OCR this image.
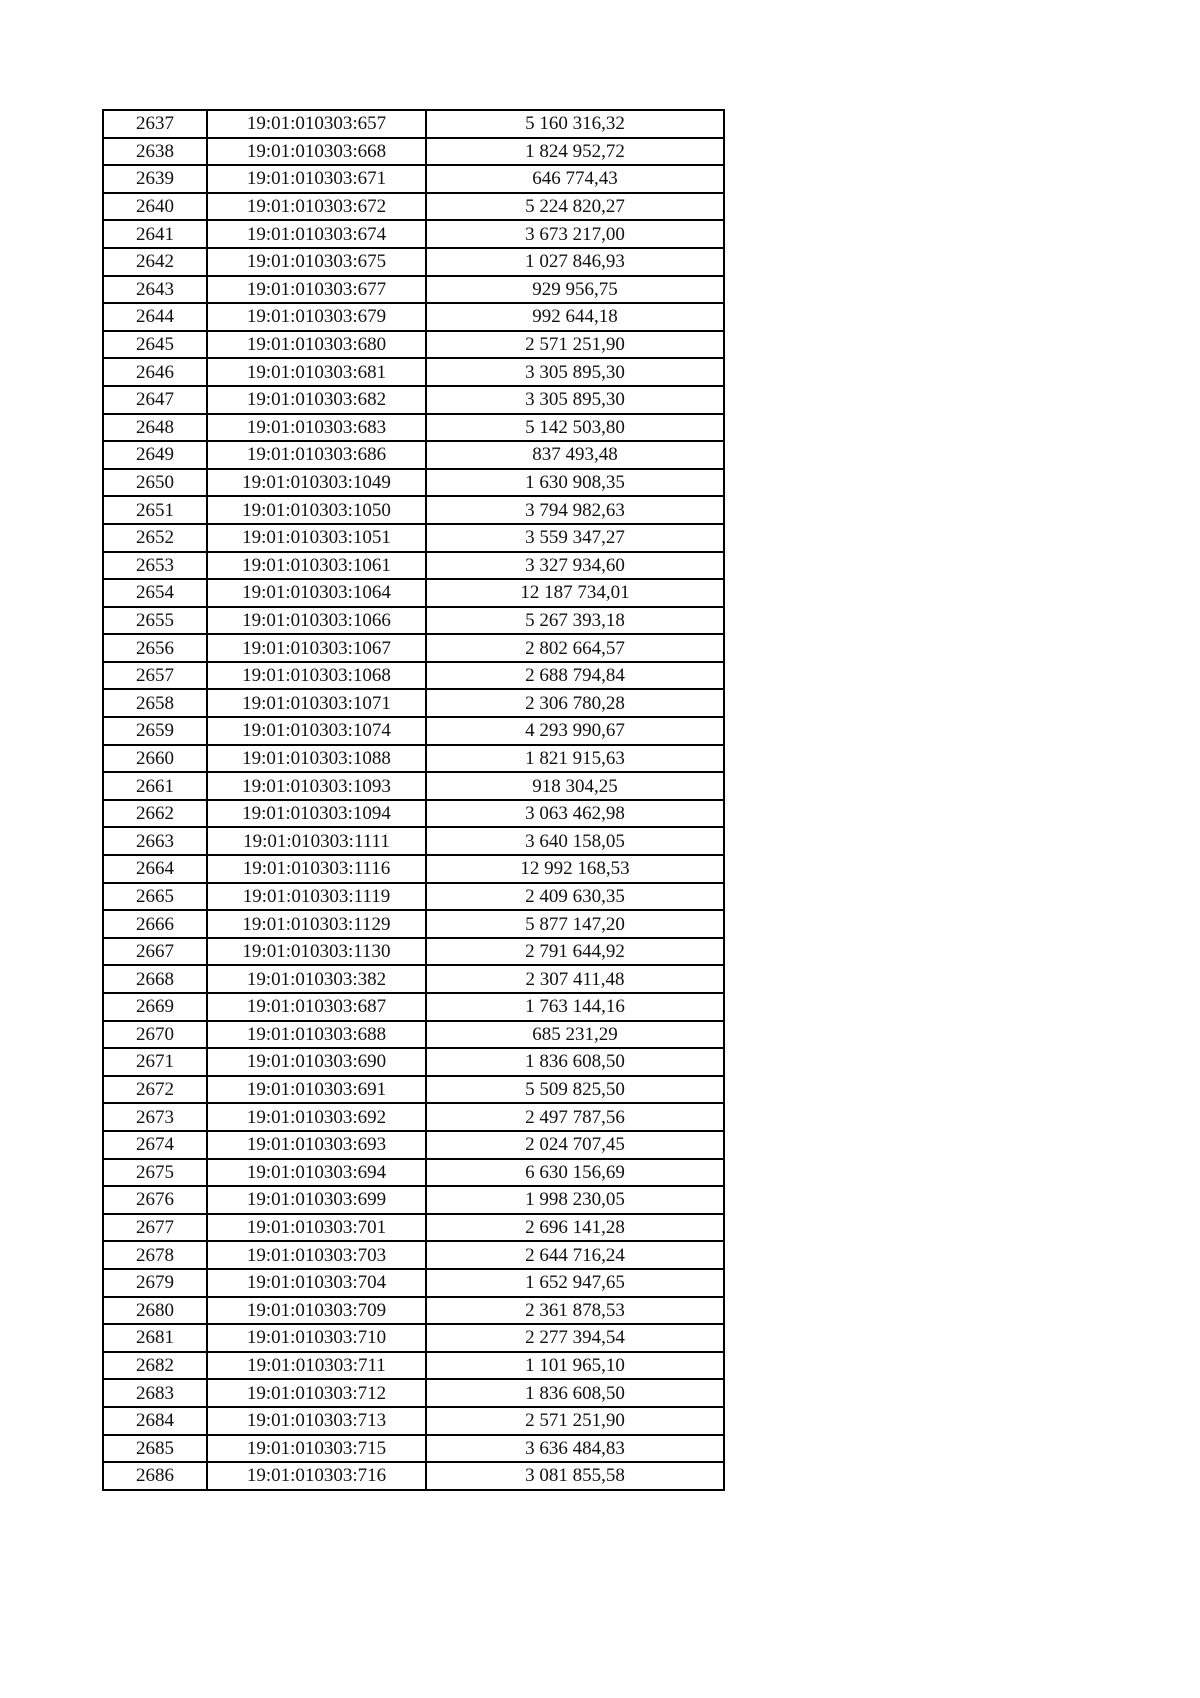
2637	19:01:010303:657	5 160 316,32
2638	19:01:010303:668	1 824 952,72
2639	19:01:010303:671	646 774,43
2640	19:01:010303:672	5 224 820,27
2641	19:01:010303:674	3 673 217,00
2642	19:01:010303:675	1 027 846,93
2643	19:01:010303:677	929 956,75
2644	19:01:010303:679	992 644,18
2645	19:01:010303:680	2 571 251,90
2646	19:01:010303:681	3 305 895,30
2647	19:01:010303:682	3 305 895,30
2648	19:01:010303:683	5 142 503,80
2649	19:01:010303:686	837 493,48
2650	19:01:010303:1049	1 630 908,35
2651	19:01:010303:1050	3 794 982,63
2652	19:01:010303:1051	3 559 347,27
2653	19:01:010303:1061	3 327 934,60
2654	19:01:010303:1064	12 187 734,01
2655	19:01:010303:1066	5 267 393,18
2656	19:01:010303:1067	2 802 664,57
2657	19:01:010303:1068	2 688 794,84
2658	19:01:010303:1071	2 306 780,28
2659	19:01:010303:1074	4 293 990,67
2660	19:01:010303:1088	1 821 915,63
2661	19:01:010303:1093	918 304,25
2662	19:01:010303:1094	3 063 462,98
2663	19:01:010303:1111	3 640 158,05
2664	19:01:010303:1116	12 992 168,53
2665	19:01:010303:1119	2 409 630,35
2666	19:01:010303:1129	5 877 147,20
2667	19:01:010303:1130	2 791 644,92
2668	19:01:010303:382	2 307 411,48
2669	19:01:010303:687	1 763 144,16
2670	19:01:010303:688	685 231,29
2671	19:01:010303:690	1 836 608,50
2672	19:01:010303:691	5 509 825,50
2673	19:01:010303:692	2 497 787,56
2674	19:01:010303:693	2 024 707,45
2675	19:01:010303:694	6 630 156,69
2676	19:01:010303:699	1 998 230,05
2677	19:01:010303:701	2 696 141,28
2678	19:01:010303:703	2 644 716,24
2679	19:01:010303:704	1 652 947,65
2680	19:01:010303:709	2 361 878,53
2681	19:01:010303:710	2 277 394,54
2682	19:01:010303:711	1 101 965,10
2683	19:01:010303:712	1 836 608,50
2684	19:01:010303:713	2 571 251,90
2685	19:01:010303:715	3 636 484,83
2686	19:01:010303:716	3 081 855,58
